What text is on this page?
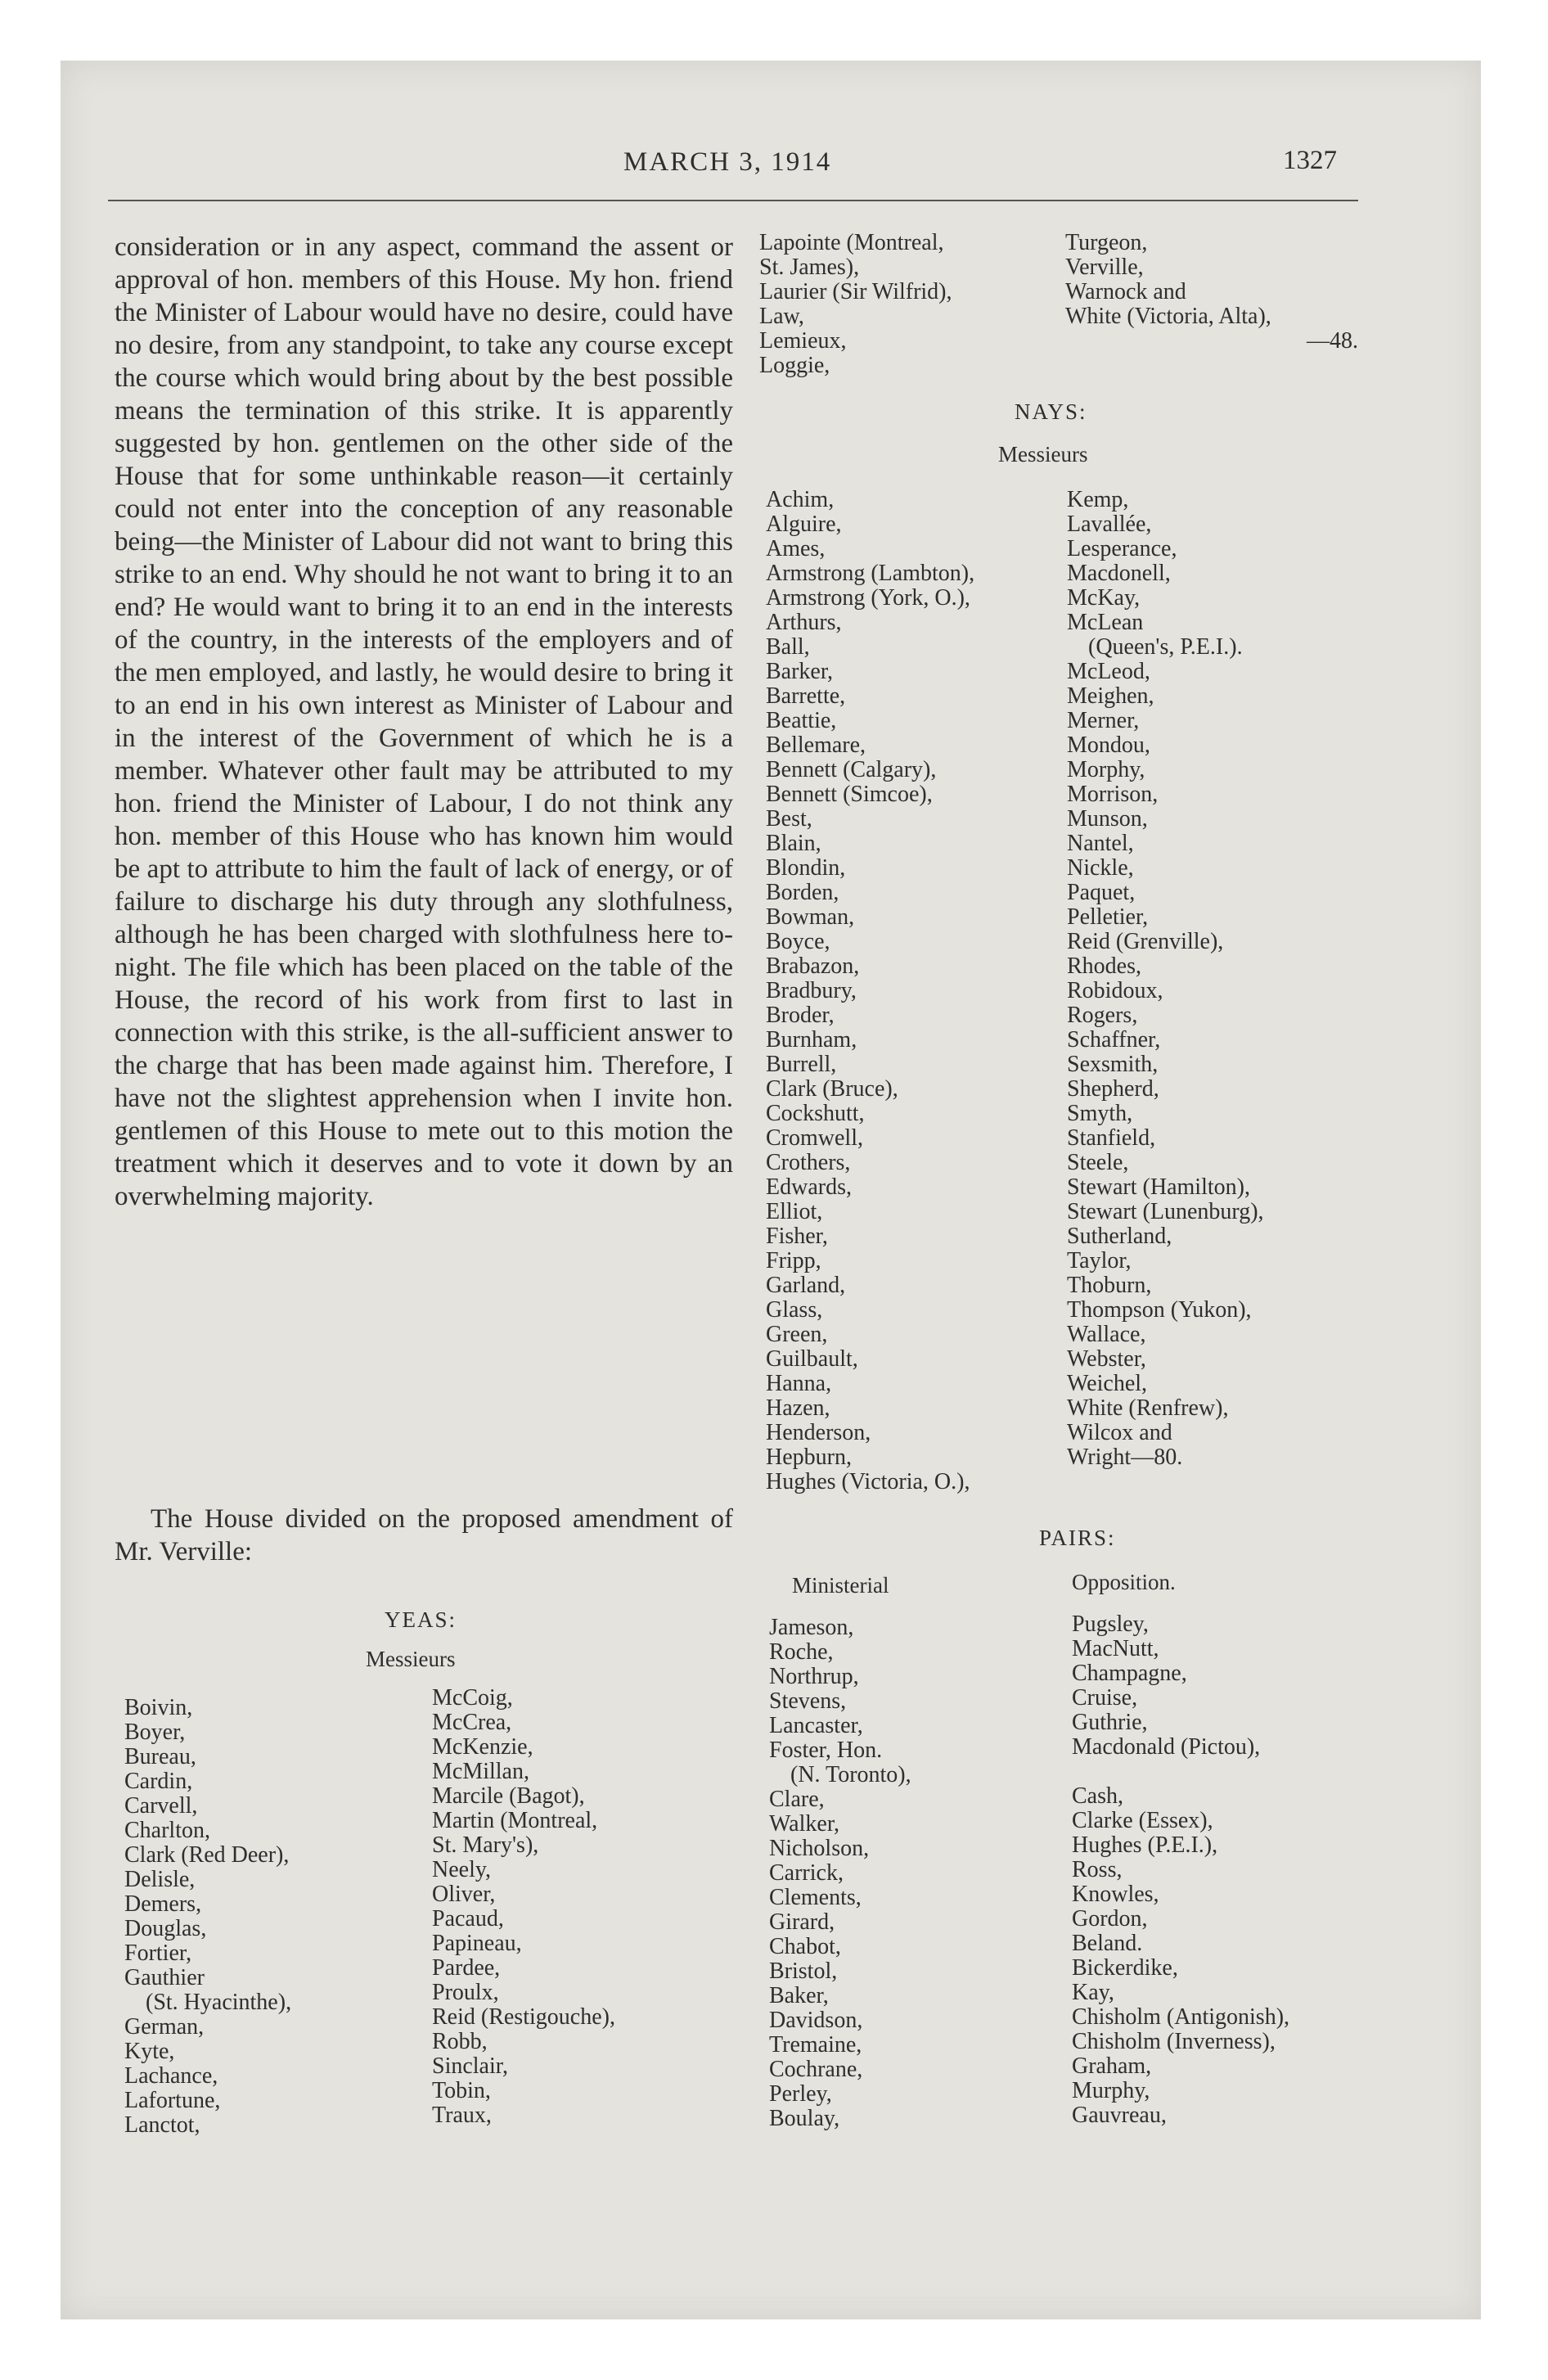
MARCH 3, 1914	1327

consideration or in any aspect, command the assent or approval of hon. members of this House. My hon. friend the Minister of Labour would have no desire, could have no desire, from any standpoint, to take any course except the course which would bring about by the best possible means the termination of this strike. It is apparently suggested by hon. gentlemen on the other side of the House that for some unthinkable reason—it certainly could not enter into the conception of any reasonable being—the Minister of Labour did not want to bring this strike to an end. Why should he not want to bring it to an end? He would want to bring it to an end in the interests of the country, in the interests of the employers and of the men employed, and lastly, he would desire to bring it to an end in his own interest as Minister of Labour and in the interest of the Government of which he is a member. Whatever other fault may be attributed to my hon. friend the Minister of Labour, I do not think any hon. member of this House who has known him would be apt to attribute to him the fault of lack of energy, or of failure to discharge his duty through any slothfulness, although he has been charged with slothfulness here to-night. The file which has been placed on the table of the House, the record of his work from first to last in connection with this strike, is the all-sufficient answer to the charge that has been made against him. Therefore, I have not the slightest apprehension when I invite hon. gentlemen of this House to mete out to this motion the treatment which it deserves and to vote it down by an overwhelming majority.

The House divided on the proposed amendment of Mr. Verville:

YEAS:
Messieurs
Boivin,
Boyer,
Bureau,
Cardin,
Carvell,
Charlton,
Clark (Red Deer),
Delisle,
Demers,
Douglas,
Fortier,
Gauthier
(St. Hyacinthe),
German,
Kyte,
Lachance,
Lafortune,
Lanctot,
McCoig,
McCrea,
McKenzie,
McMillan,
Marcile (Bagot),
Martin (Montreal,
St. Mary's),
Neely,
Oliver,
Pacaud,
Papineau,
Pardee,
Proulx,
Reid (Restigouche),
Robb,
Sinclair,
Tobin,
Traux,
Lapointe (Montreal,
St. James),
Laurier (Sir Wilfrid),
Law,
Lemieux,
Loggie,
Turgeon,
Verville,
Warnock and
White (Victoria, Alta),
—48.
NAYS:
Messieurs
Achim,
Alguire,
Ames,
Armstrong (Lambton),
Armstrong (York, O.),
Arthurs,
Ball,
Barker,
Barrette,
Beattie,
Bellemare,
Bennett (Calgary),
Bennett (Simcoe),
Best,
Blain,
Blondin,
Borden,
Bowman,
Boyce,
Brabazon,
Bradbury,
Broder,
Burnham,
Burrell,
Clark (Bruce),
Cockshutt,
Cromwell,
Crothers,
Edwards,
Elliot,
Fisher,
Fripp,
Garland,
Glass,
Green,
Guilbault,
Hanna,
Hazen,
Henderson,
Hepburn,
Hughes (Victoria, O.),
Kemp,
Lavallée,
Lesperance,
Macdonell,
McKay,
McLean
(Queen's, P.E.I.).
McLeod,
Meighen,
Merner,
Mondou,
Morphy,
Morrison,
Munson,
Nantel,
Nickle,
Paquet,
Pelletier,
Reid (Grenville),
Rhodes,
Robidoux,
Rogers,
Schaffner,
Sexsmith,
Shepherd,
Smyth,
Stanfield,
Steele,
Stewart (Hamilton),
Stewart (Lunenburg),
Sutherland,
Taylor,
Thoburn,
Thompson (Yukon),
Wallace,
Webster,
Weichel,
White (Renfrew),
Wilcox and
Wright—80.
PAIRS:
Ministerial	Opposition.
Jameson,
Roche,
Northrup,
Stevens,
Lancaster,
Foster, Hon.
(N. Toronto),
Clare,
Walker,
Nicholson,
Carrick,
Clements,
Girard,
Chabot,
Bristol,
Baker,
Davidson,
Tremaine,
Cochrane,
Perley,
Boulay,
Pugsley,
MacNutt,
Champagne,
Cruise,
Guthrie,
Macdonald (Pictou),

Cash,
Clarke (Essex),
Hughes (P.E.I.),
Ross,
Knowles,
Gordon,
Beland.
Bickerdike,
Kay,
Chisholm (Antigonish),
Chisholm (Inverness),
Graham,
Murphy,
Gauvreau,
